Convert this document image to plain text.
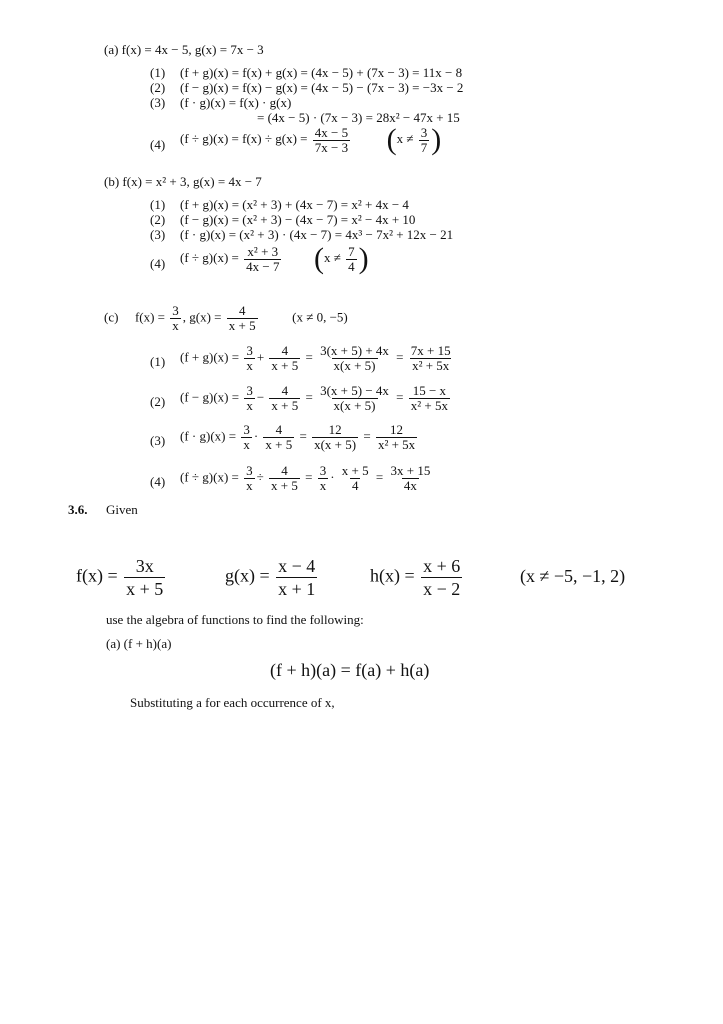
(a) f(x) = 4x − 5, g(x) = 7x − 3
(1) (f + g)(x) = f(x) + g(x) = (4x − 5) + (7x − 3) = 11x − 8
(2) (f − g)(x) = f(x) − g(x) = (4x − 5) − (7x − 3) = −3x − 2
(3) (f · g)(x) = f(x) · g(x)
= (4x − 5) · (7x − 3) = 28x² − 47x + 15
(4) $(f \div g)(x) = f(x) \div g(x) = \frac{4x - 5}{7x - 3} (x \ne \frac{3}{7}$ )
(b) f(x) = x² + 3, g(x) = 4x − 7
(1) (f + g)(x) = (x² + 3) + (4x − 7) = x² + 4x − 4
(2) (f − g)(x) = (x² + 3) − (4x − 7) = x² − 4x + 10
(3) (f · g)(x) = (x² + 3) · (4x − 7) = 4x³ − 7x² + 12x − 21
(4) $(f \div g)(x) = \frac{\text{x² + 3}}{4x - 7} (x \ne \frac{7}{4}$ )
(c) $f(x) = \frac{3}{x}$ , $g(x) = \frac{4}{x + 5}$	(x ≠ 0, −5)
(1) $(f + g)(x) = \frac{3}{x} + \frac{4}{x + 5} = \frac{3(x + 5) + 4x}{x(x + 5)} = \frac{7x + 15}{\text{x² + 5x}}$
(2) $(f - g)(x) = \frac{3}{x} - \frac{4}{x + 5} = \frac{3(x + 5) - 4x}{x(x + 5)} = \frac{15 - x}{\text{x² + 5x}}$
(3) $(f \cdot g)(x) = \frac{3}{x} \cdot \frac{4}{x + 5} = \frac{12}{x(x + 5)} = \frac{12}{\text{x² + 5x}}$
(4) $(f \div g)(x) = \frac{3}{x} \div \frac{4}{x + 5} = \frac{3}{x} \cdot \frac{x + 5}{4} = \frac{3x + 15}{4x}$
3.6. Given
$f(x) = \frac{3x}{x + 5}$	$g(x) = \frac{x - 4}{x + 1}$	$h(x) = \frac{x + 6}{x - 2}$	(x ≠ −5, −1, 2)
use the algebra of functions to find the following:
(a) (f + h)(a)
(f + h)(a) = f(a) + h(a)
Substituting a for each occurrence of x,
